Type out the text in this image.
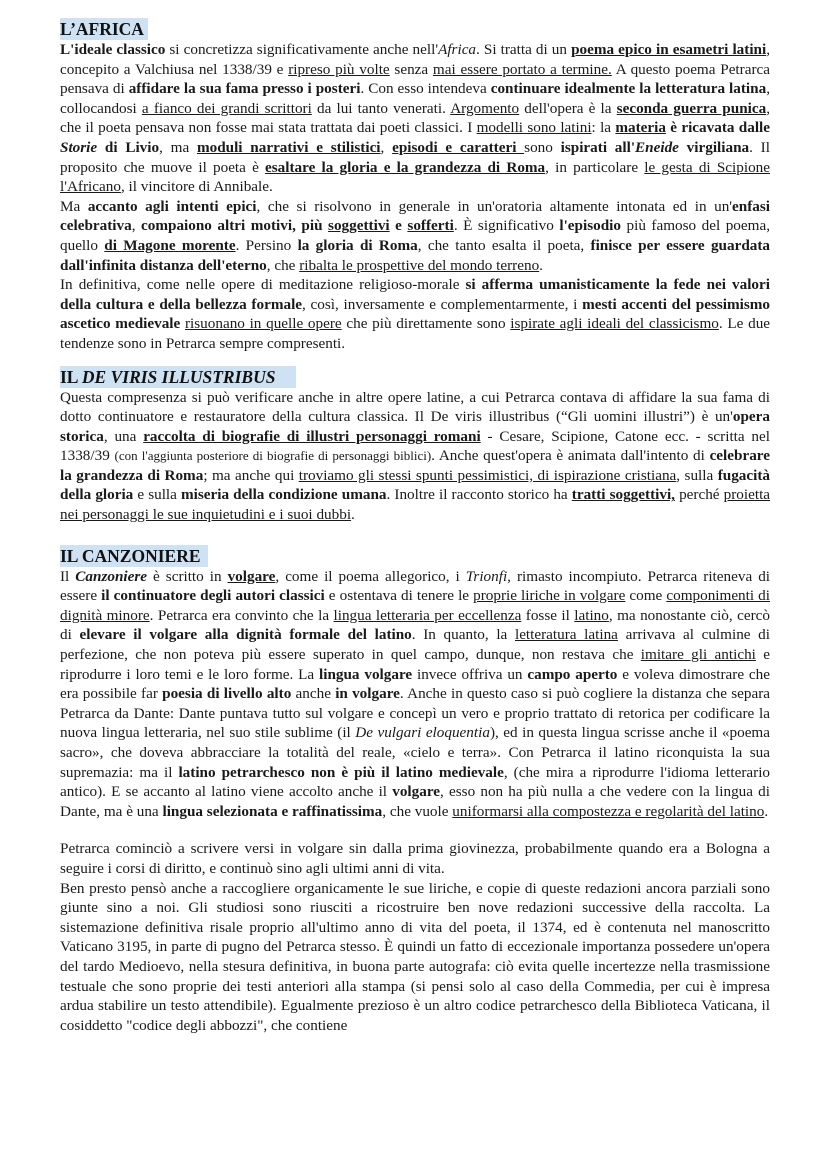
L’AFRICA

L'ideale classico si concretizza significativamente anche nell'Africa. Si tratta di un poema epico in esametri latini, concepito a Valchiusa nel 1338/39 e ripreso più volte senza mai essere portato a termine. A questo poema Petrarca pensava di affidare la sua fama presso i posteri. Con esso intendeva continuare idealmente la letteratura latina, collocandosi a fianco dei grandi scrittori da lui tanto venerati. Argomento dell'opera è la seconda guerra punica, che il poeta pensava non fosse mai stata trattata dai poeti classici. I modelli sono latini: la materia è ricavata dalle Storie di Livio, ma moduli narrativi e stilistici, episodi e caratteri sono ispirati all'Eneide virgiliana. Il proposito che muove il poeta è esaltare la gloria e la grandezza di Roma, in particolare le gesta di Scipione l'Africano, il vincitore di Annibale.

Ma accanto agli intenti epici, che si risolvono in generale in un'oratoria altamente intonata ed in un'enfasi celebrativa, compaiono altri motivi, più soggettivi e sofferti. È significativo l'episodio più famoso del poema, quello di Magone morente. Persino la gloria di Roma, che tanto esalta il poeta, finisce per essere guardata dall'infinita distanza dell'eterno, che ribalta le prospettive del mondo terreno.

In definitiva, come nelle opere di meditazione religioso-morale si afferma umanisticamente la fede nei valori della cultura e della bellezza formale, così, inversamente e complementarmente, i mesti accenti del pessimismo ascetico medievale risuonano in quelle opere che più direttamente sono ispirate agli ideali del classicismo. Le due tendenze sono in Petrarca sempre compresenti.

IL DE VIRIS ILLUSTRIBUS

Questa compresenza si può verificare anche in altre opere latine, a cui Petrarca contava di affidare la sua fama di dotto continuatore e restauratore della cultura classica. Il De viris illustribus (“Gli uomini illustri”) è un'opera storica, una raccolta di biografie di illustri personaggi romani - Cesare, Scipione, Catone ecc. - scritta nel 1338/39 (con l'aggiunta posteriore di biografie di personaggi biblici). Anche quest'opera è animata dall'intento di celebrare la grandezza di Roma; ma anche qui troviamo gli stessi spunti pessimistici, di ispirazione cristiana, sulla fugacità della gloria e sulla miseria della condizione umana. Inoltre il racconto storico ha tratti soggettivi, perché proietta nei personaggi le sue inquietudini e i suoi dubbi.

IL CANZONIERE

Il Canzoniere è scritto in volgare, come il poema allegorico, i Trionfi, rimasto incompiuto. Petrarca riteneva di essere il continuatore degli autori classici e ostentava di tenere le proprie liriche in volgare come componimenti di dignità minore. Petrarca era convinto che la lingua letteraria per eccellenza fosse il latino, ma nonostante ciò, cercò di elevare il volgare alla dignità formale del latino. In quanto, la letteratura latina arrivava al culmine di perfezione, che non poteva più essere superato in quel campo, dunque, non restava che imitare gli antichi e riprodurre i loro temi e le loro forme. La lingua volgare invece offriva un campo aperto e voleva dimostrare che era possibile far poesia di livello alto anche in volgare. Anche in questo caso si può cogliere la distanza che separa Petrarca da Dante: Dante puntava tutto sul volgare e concepì un vero e proprio trattato di retorica per codificare la nuova lingua letteraria, nel suo stile sublime (il De vulgari eloquentia), ed in questa lingua scrisse anche il «poema sacro», che doveva abbracciare la totalità del reale, «cielo e terra». Con Petrarca il latino riconquista la sua supremazia: ma il latino petrarchesco non è più il latino medievale, (che mira a riprodurre l'idioma letterario antico). E se accanto al latino viene accolto anche il volgare, esso non ha più nulla a che vedere con la lingua di Dante, ma è una lingua selezionata e raffinatissima, che vuole uniformarsi alla compostezza e regolarità del latino.

Petrarca cominciò a scrivere versi in volgare sin dalla prima giovinezza, probabilmente quando era a Bologna a seguire i corsi di diritto, e continuò sino agli ultimi anni di vita.

Ben presto pensò anche a raccogliere organicamente le sue liriche, e copie di queste redazioni ancora parziali sono giunte sino a noi. Gli studiosi sono riusciti a ricostruire ben nove redazioni successive della raccolta. La sistemazione definitiva risale proprio all'ultimo anno di vita del poeta, il 1374, ed è contenuta nel manoscritto Vaticano 3195, in parte di pugno del Petrarca stesso. È quindi un fatto di eccezionale importanza possedere un'opera del tardo Medioevo, nella stesura definitiva, in buona parte autografa: ciò evita quelle incertezze nella trasmissione testuale che sono proprie dei testi anteriori alla stampa (si pensi solo al caso della Commedia, per cui è impresa ardua stabilire un testo attendibile). Egualmente prezioso è un altro codice petrarchesco della Biblioteca Vaticana, il cosiddetto "codice degli abbozzi", che contiene
